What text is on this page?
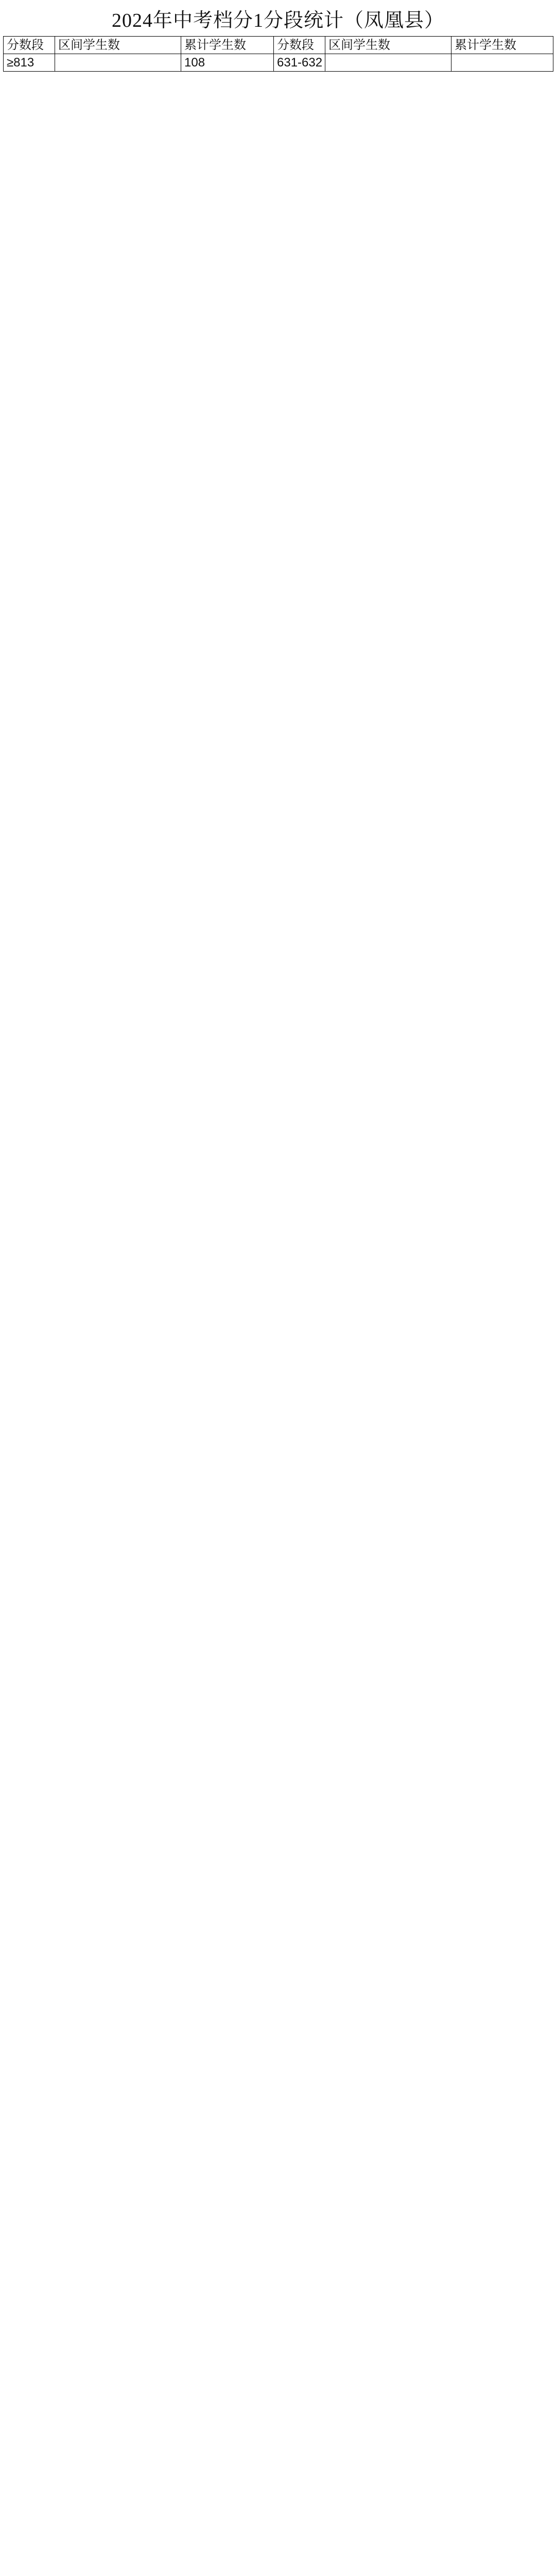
2024年中考档分1分段统计（凤凰县）
分数段	区间学生数	累计学生数	分数段	区间学生数	累计学生数
≥813		108	631-632		
